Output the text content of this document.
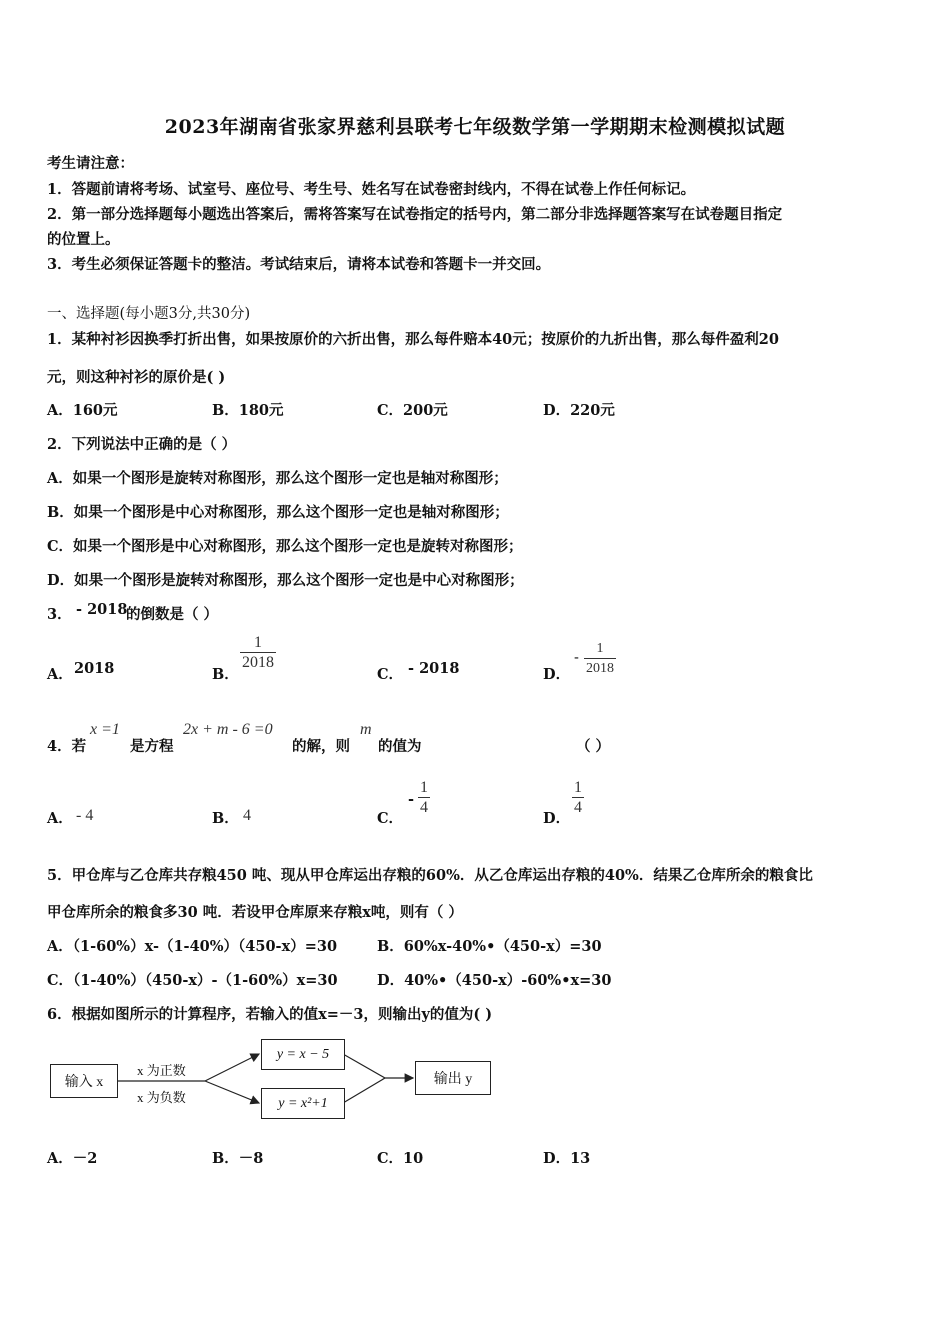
2023年湖南省张家界慈利县联考七年级数学第一学期期末检测模拟试题
考生请注意：
1．答题前请将考场、试室号、座位号、考生号、姓名写在试卷密封线内，不得在试卷上作任何标记。
2．第一部分选择题每小题选出答案后，需将答案写在试卷指定的括号内，第二部分非选择题答案写在试卷题目指定
的位置上。
3．考生必须保证答题卡的整洁。考试结束后，请将本试卷和答题卡一并交回。
一、选择题(每小题3分,共30分)
1．某种衬衫因换季打折出售，如果按原价的六折出售，那么每件赔本40元；按原价的九折出售，那么每件盈利20
元，则这种衬衫的原价是( )
A．160元	B．180元	C．200元	D．220元
2．下列说法中正确的是（ ）
A．如果一个图形是旋转对称图形，那么这个图形一定也是轴对称图形；
B．如果一个图形是中心对称图形，那么这个图形一定也是轴对称图形；
C．如果一个图形是中心对称图形，那么这个图形一定也是旋转对称图形；
D．如果一个图形是旋转对称图形，那么这个图形一定也是中心对称图形；
3． - 2018
的倒数是（ ）
A． 2018	B．
$\frac{1}{2018}$
C． - 2018	D．
- $\frac{1}{2018}$
4．若
x =1
是方程
2x + m - 6 =0
的解，则
m
的值为	（ ）
A． - 4	B． 4	C．
- $\frac{1}{4}$
D．
$\frac{1}{4}$
5．甲仓库与乙仓库共存粮450 吨、现从甲仓库运出存粮的60%．从乙仓库运出存粮的40%．结果乙仓库所余的粮食比
甲仓库所余的粮食多30 吨．若设甲仓库原来存粮x吨，则有（ ）
A．（1-60%）x-（1-40%）（450-x）=30	B．60%x-40%•（450-x）=30
C．（1-40%）（450-x）-（1-60%）x=30	D．40%•（450-x）-60%•x=30
6．根据如图所示的计算程序，若输入的值x=－3，则输出y的值为( )
输入 x
x 为正数
x 为负数
y = x − 5
y = x²+1
输出 y
A．－2	B．－8	C．10	D．13
